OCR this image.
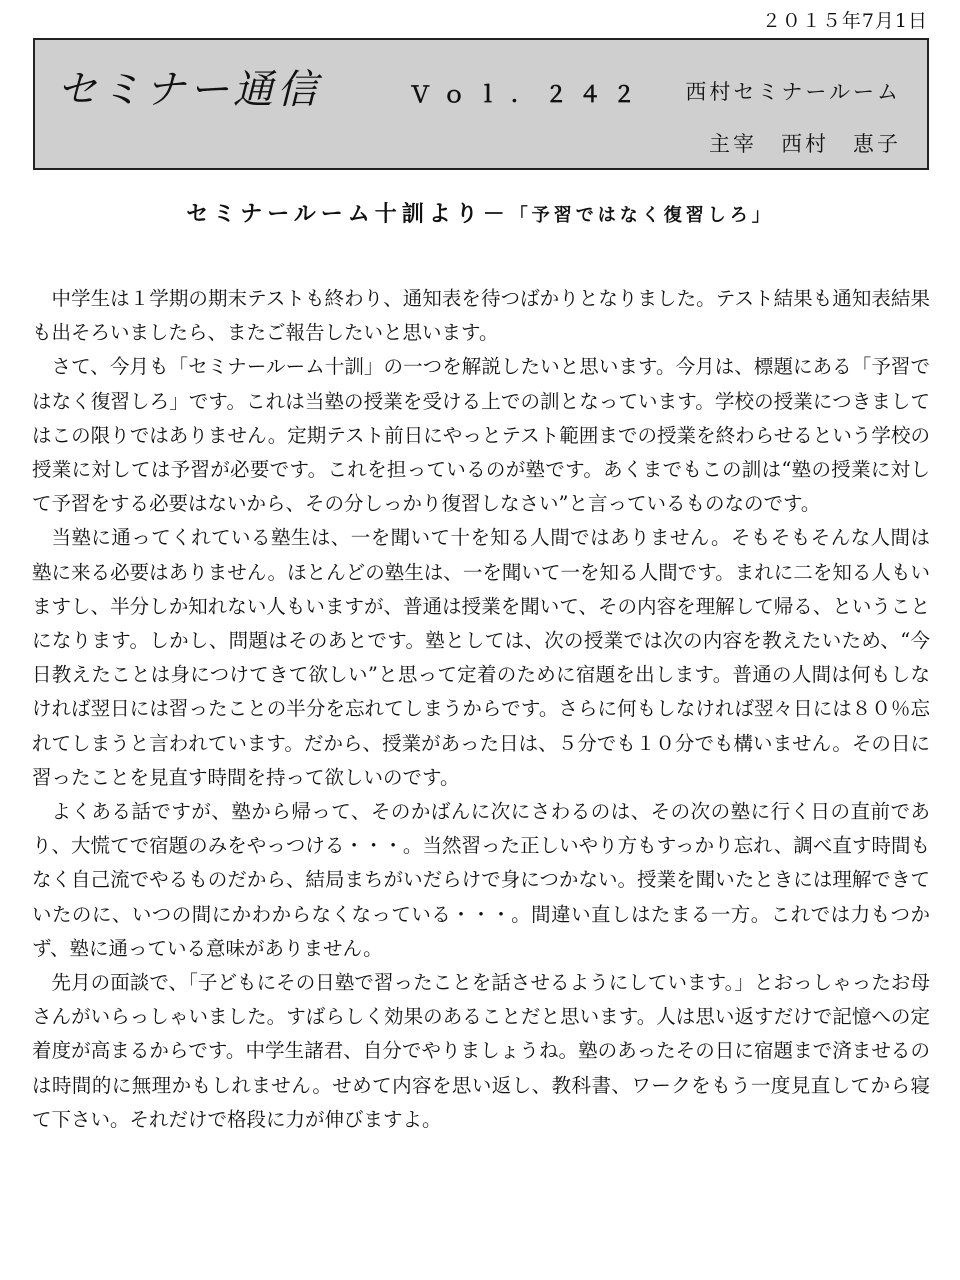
２０１５年7月1日
セミナー通信	Ｖｏｌ．２４２ 西村セミナールーム
主宰　西村　恵子
セミナールーム十訓より－「予習ではなく復習しろ」

中学生は１学期の期末テストも終わり、通知表を待つばかりとなりました。テスト結果も通知表結果も出そろいましたら、またご報告したいと思います。

さて、今月も「セミナールーム十訓」の一つを解説したいと思います。今月は、標題にある「予習ではなく復習しろ」です。これは当塾の授業を受ける上での訓となっています。学校の授業につきましてはこの限りではありません。定期テスト前日にやっとテスト範囲までの授業を終わらせるという学校の授業に対しては予習が必要です。これを担っているのが塾です。あくまでもこの訓は“塾の授業に対して予習をする必要はないから、その分しっかり復習しなさい”と言っているものなのです。

当塾に通ってくれている塾生は、一を聞いて十を知る人間ではありません。そもそもそんな人間は塾に来る必要はありません。ほとんどの塾生は、一を聞いて一を知る人間です。まれに二を知る人もいますし、半分しか知れない人もいますが、普通は授業を聞いて、その内容を理解して帰る、ということになります。しかし、問題はそのあとです。塾としては、次の授業では次の内容を教えたいため、“今日教えたことは身につけてきて欲しい”と思って定着のために宿題を出します。普通の人間は何もしなければ翌日には習ったことの半分を忘れてしまうからです。さらに何もしなければ翌々日には８０％忘れてしまうと言われています。だから、授業があった日は、５分でも１０分でも構いません。その日に習ったことを見直す時間を持って欲しいのです。

よくある話ですが、塾から帰って、そのかばんに次にさわるのは、その次の塾に行く日の直前であり、大慌てで宿題のみをやっつける・・・。当然習った正しいやり方もすっかり忘れ、調べ直す時間もなく自己流でやるものだから、結局まちがいだらけで身につかない。授業を聞いたときには理解できていたのに、いつの間にかわからなくなっている・・・。間違い直しはたまる一方。これでは力もつかず、塾に通っている意味がありません。

先月の面談で、「子どもにその日塾で習ったことを話させるようにしています。」とおっしゃったお母さんがいらっしゃいました。すばらしく効果のあることだと思います。人は思い返すだけで記憶への定着度が高まるからです。中学生諸君、自分でやりましょうね。塾のあったその日に宿題まで済ませるのは時間的に無理かもしれません。せめて内容を思い返し、教科書、ワークをもう一度見直してから寝て下さい。それだけで格段に力が伸びますよ。
